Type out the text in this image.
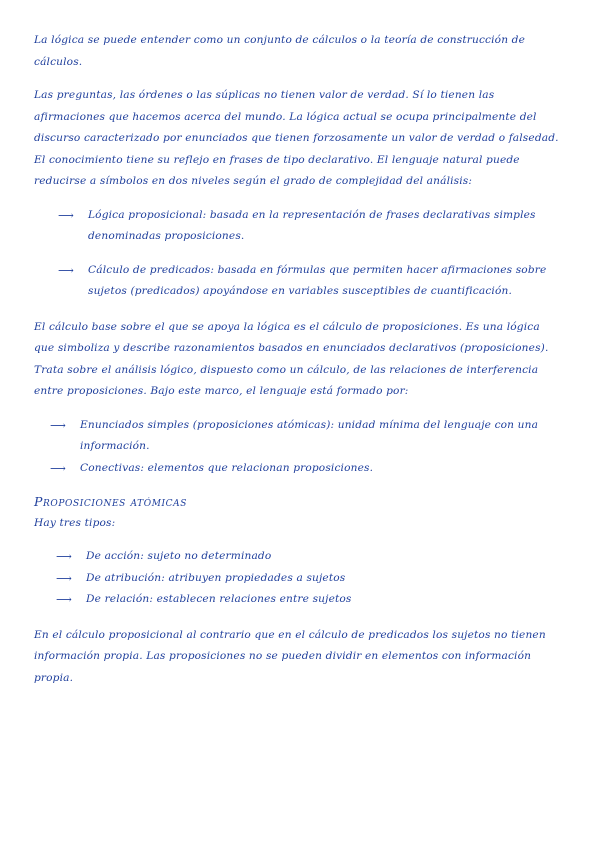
La lógica se puede entender como un conjunto de cálculos o la teoría de construcción de cálculos.

Las preguntas, las órdenes o las súplicas no tienen valor de verdad. Sí lo tienen las afirmaciones que hacemos acerca del mundo. La lógica actual se ocupa principalmente del discurso caracterizado por enunciados que tienen forzosamente un valor de verdad o falsedad. El conocimiento tiene su reflejo en frases de tipo declarativo. El lenguaje natural puede reducirse a símbolos en dos niveles según el grado de complejidad del análisis:

⟶	Lógica proposicional: basada en la representación de frases declarativas simples denominadas proposiciones.
⟶	Cálculo de predicados: basada en fórmulas que permiten hacer afirmaciones sobre sujetos (predicados) apoyándose en variables susceptibles de cuantificación.

El cálculo base sobre el que se apoya la lógica es el cálculo de proposiciones. Es una lógica que simboliza y describe razonamientos basados en enunciados declarativos (proposiciones). Trata sobre el análisis lógico, dispuesto como un cálculo, de las relaciones de interferencia entre proposiciones. Bajo este marco, el lenguaje está formado por:

⟶	Enunciados simples (proposiciones atómicas): unidad mínima del lenguaje con una información.
⟶	Conectivas: elementos que relacionan proposiciones.

Proposiciones atómicas

Hay tres tipos:

⟶	De acción: sujeto no determinado
⟶	De atribución: atribuyen propiedades a sujetos
⟶	De relación: establecen relaciones entre sujetos

En el cálculo proposicional al contrario que en el cálculo de predicados los sujetos no tienen información propia. Las proposiciones no se pueden dividir en elementos con información propia.
